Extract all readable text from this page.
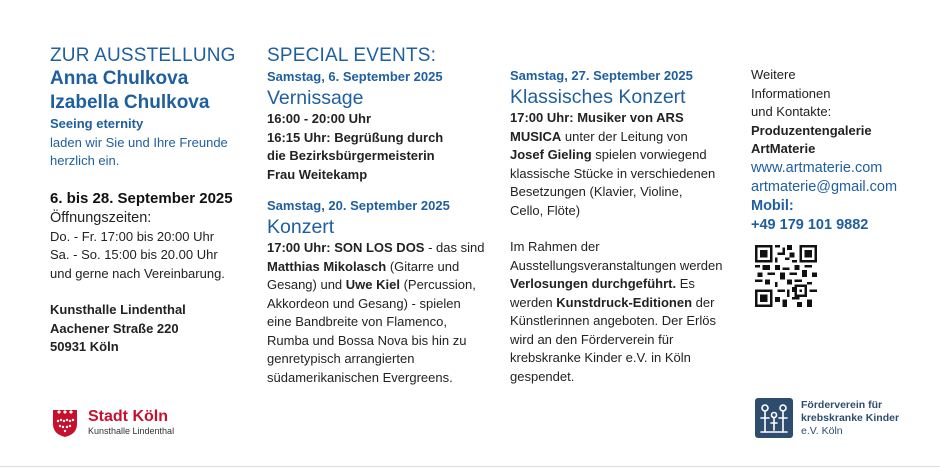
ZUR AUSSTELLUNG
Anna Chulkova
Izabella Chulkova
Seeing eternity
laden wir Sie und Ihre Freunde
herzlich ein.
6. bis 28. September 2025
Öffnungszeiten:
Do. - Fr. 17:00 bis 20:00 Uhr
Sa. - So. 15:00 bis 20.00 Uhr
und gerne nach Vereinbarung.
Kunsthalle Lindenthal
Aachener Straße 220
50931 Köln
SPECIAL EVENTS:
Samstag, 6. September 2025
Vernissage
16:00 - 20:00 Uhr
16:15 Uhr: Begrüßung durch
die Bezirksbürgermeisterin
Frau Weitekamp
Samstag, 20. September 2025
Konzert
17:00 Uhr: SON LOS DOS - das sind
Matthias Mikolasch (Gitarre und
Gesang) und Uwe Kiel (Percussion,
Akkordeon und Gesang) - spielen
eine Bandbreite von Flamenco,
Rumba und Bossa Nova bis hin zu
genretypisch arrangierten
südamerikanischen Evergreens.
Samstag, 27. September 2025
Klassisches Konzert
17:00 Uhr: Musiker von ARS
MUSICA unter der Leitung von
Josef Gieling spielen vorwiegend
klassische Stücke in verschiedenen
Besetzungen (Klavier, Violine,
Cello, Flöte)
Im Rahmen der
Ausstellungsveranstaltungen werden
Verlosungen durchgeführt. Es
werden Kunstdruck-Editionen der
Künstlerinnen angeboten. Der Erlös
wird an den Förderverein für
krebskranke Kinder e.V. in Köln
gespendet.
Weitere
Informationen
und Kontakte:
Produzentengalerie
ArtMaterie
www.artmaterie.com
artmaterie@gmail.com
Mobil:
+49 179 101 9882
Stadt Köln
Kunsthalle Lindenthal
Förderverein für
krebskranke Kinder
e.V. Köln
